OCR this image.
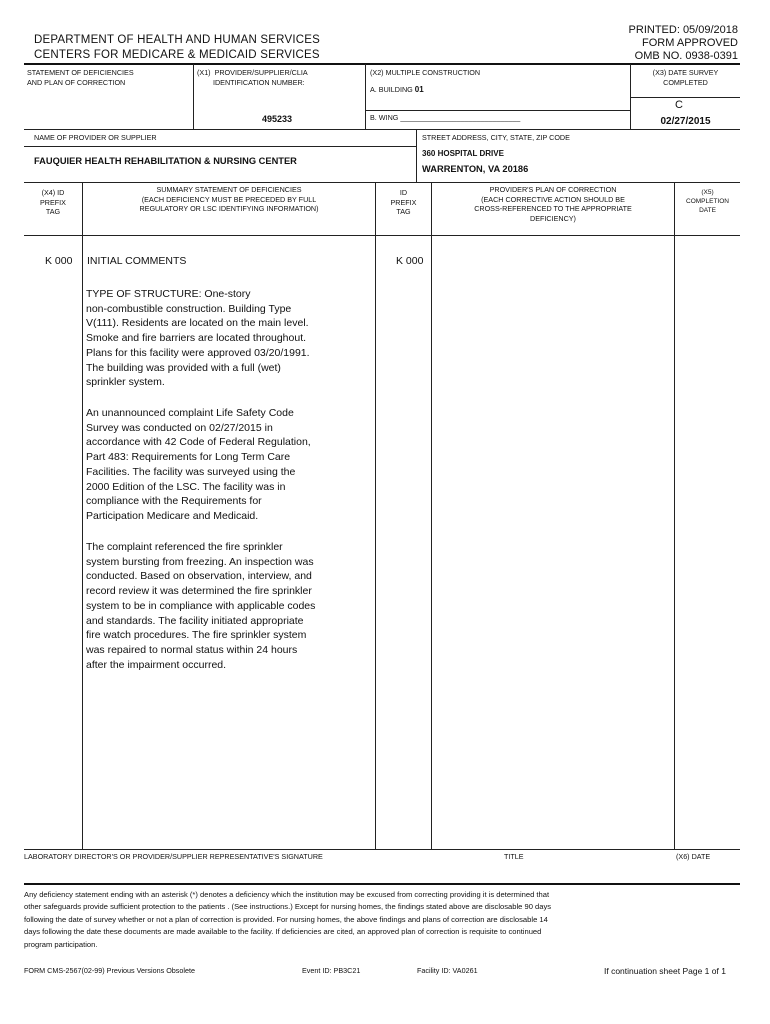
PRINTED: 05/09/2018
FORM APPROVED
OMB NO. 0938-0391
DEPARTMENT OF HEALTH AND HUMAN SERVICES
CENTERS FOR MEDICARE & MEDICAID SERVICES
STATEMENT OF DEFICIENCIES
AND PLAN OF CORRECTION
(X1)  PROVIDER/SUPPLIER/CLIA
IDENTIFICATION NUMBER:
495233
(X2) MULTIPLE CONSTRUCTION
A. BUILDING 01
B. WING ______________________________
(X3) DATE SURVEY
COMPLETED
C
02/27/2015
NAME OF PROVIDER OR SUPPLIER
FAUQUIER HEALTH REHABILITATION & NURSING CENTER
STREET ADDRESS, CITY, STATE, ZIP CODE
360 HOSPITAL DRIVE
WARRENTON, VA 20186
(X4) ID
PREFIX
TAG
SUMMARY STATEMENT OF DEFICIENCIES
(EACH DEFICIENCY MUST BE PRECEDED BY FULL
REGULATORY OR LSC IDENTIFYING INFORMATION)
ID
PREFIX
TAG
PROVIDER'S PLAN OF CORRECTION
(EACH CORRECTIVE ACTION SHOULD BE
CROSS-REFERENCED TO THE APPROPRIATE
DEFICIENCY)
(X5)
COMPLETION
DATE
K 000 INITIAL COMMENTS	K 000
TYPE OF STRUCTURE: One-story
non-combustible construction. Building Type
V(111). Residents are located on the main level.
Smoke and fire barriers are located throughout.
Plans for this facility were approved 03/20/1991.
The building was provided with a full (wet)
sprinkler system.
An unannounced complaint Life Safety Code
Survey was conducted on 02/27/2015 in
accordance with 42 Code of Federal Regulation,
Part 483: Requirements for Long Term Care
Facilities. The facility was surveyed using the
2000 Edition of the LSC. The facility was in
compliance with the Requirements for
Participation Medicare and Medicaid.
The complaint referenced the fire sprinkler
system bursting from freezing. An inspection was
conducted. Based on observation, interview, and
record review it was determined the fire sprinkler
system to be in compliance with applicable codes
and standards. The facility initiated appropriate
fire watch procedures. The fire sprinkler system
was repaired to normal status within 24 hours
after the impairment occurred.
LABORATORY DIRECTOR'S OR PROVIDER/SUPPLIER REPRESENTATIVE'S SIGNATURE	TITLE	(X6) DATE
Any deficiency statement ending with an asterisk (*) denotes a deficiency which the institution may be excused from correcting providing it is determined that
other safeguards provide sufficient protection to the patients . (See instructions.) Except for nursing homes, the findings stated above are disclosable 90 days
following the date of survey whether or not a plan of correction is provided. For nursing homes, the above findings and plans of correction are disclosable 14
days following the date these documents are made available to the facility. If deficiencies are cited, an approved plan of correction is requisite to continued
program participation.
FORM CMS-2567(02-99) Previous Versions Obsolete	Event ID: PB3C21	Facility ID: VA0261	If continuation sheet Page 1 of 1
